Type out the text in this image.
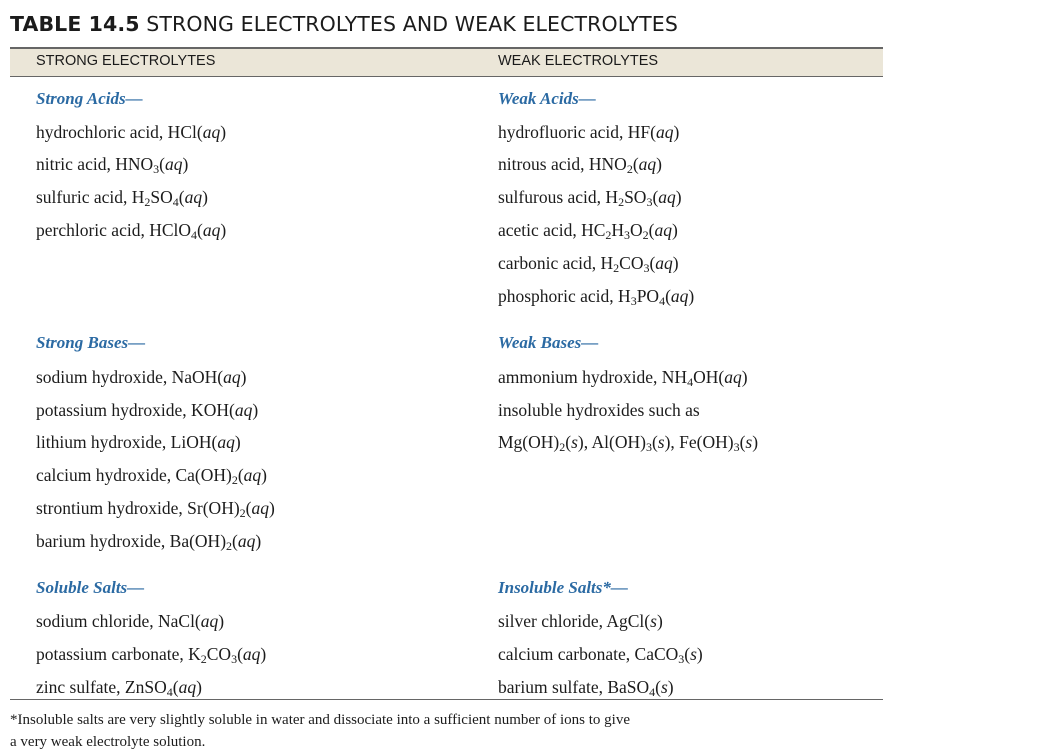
TABLE 14.5 STRONG ELECTROLYTES AND WEAK ELECTROLYTES
STRONG ELECTROLYTES	WEAK ELECTROLYTES
Strong Acids—
hydrochloric acid, HCl(aq)
nitric acid, $HNO_3(aq)$
sulfuric acid, $H_2SO_4(aq)$
perchloric acid, HClO$_4$(aq)
Strong Bases—
sodium hydroxide, NaOH(aq)
potassium hydroxide, KOH(aq)
lithium hydroxide, LiOH(aq)
calcium hydroxide, $Ca(OH)_2(aq)$
strontium hydroxide, $Sr(OH)_2(aq)$
barium hydroxide, $Ba(OH)_2(aq)$
Soluble Salts—
sodium chloride, NaCl(aq)
potassium carbonate, $K_2CO_3(aq)$
zinc sulfate, ZnSO$_4$(aq)
Weak Acids—
hydrofluoric acid, HF(aq)
nitrous acid, $HNO_2(aq)$
sulfurous acid, $H_2SO_3(aq)$
acetic acid, $HC_2H_3O_2(aq)$
carbonic acid, $H_2CO_3(aq)$
phosphoric acid, $H_3PO_4(aq)$
Weak Bases—
ammonium hydroxide, $NH_4OH(aq)$
insoluble hydroxides such as
$Mg(OH)_2(s)$, $Al(OH)_3(s)$, $Fe(OH)_3(s)$
Insoluble Salts*—
silver chloride, AgCl(s)
calcium carbonate, CaCO$_3$(s)
barium sulfate, BaSO$_4$(s)
*Insoluble salts are very slightly soluble in water and dissociate into a sufficient number of ions to give
a very weak electrolyte solution.
